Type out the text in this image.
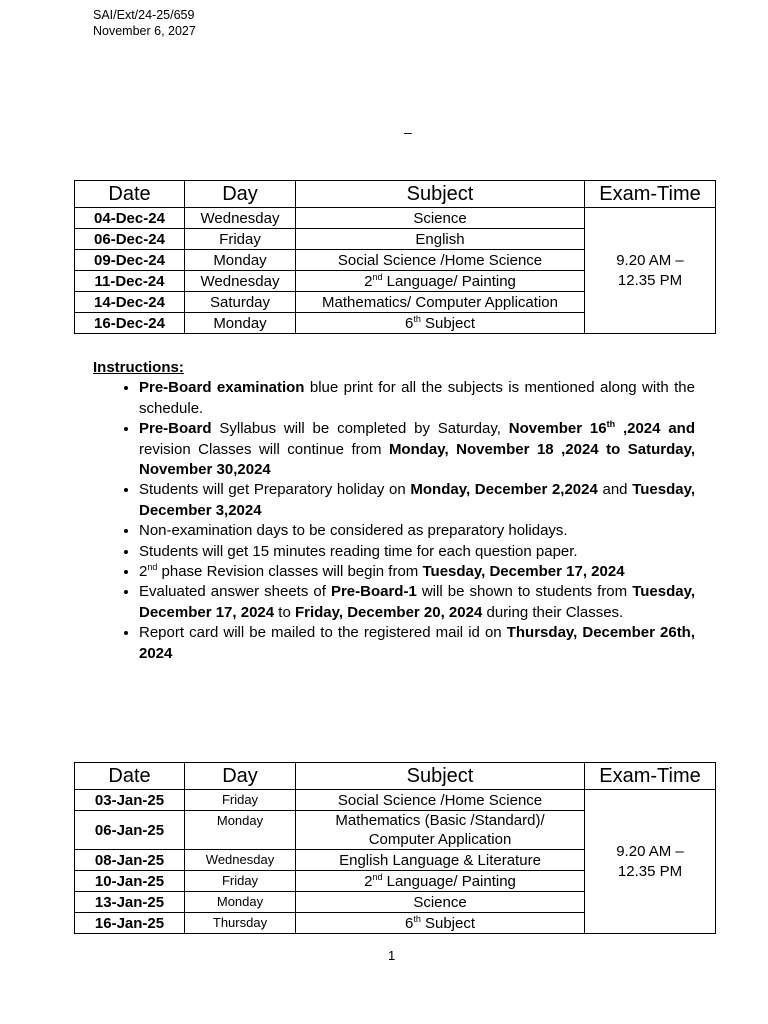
SAI/Ext/24-25/659
November 6, 2027
–
Date	Day	Subject	Exam-Time
04-Dec-24	Wednesday	Science	9.20 AM –
12.35 PM
06-Dec-24	Friday	English	
09-Dec-24	Monday	Social Science /Home Science	
11-Dec-24	Wednesday	2nd Language/ Painting	
14-Dec-24	Saturday	Mathematics/ Computer Application	
16-Dec-24	Monday	6th Subject	
Instructions:
• Pre-Board examination blue print for all the subjects is mentioned along with the schedule.
• Pre-Board Syllabus will be completed by Saturday, November 16th ,2024 and revision Classes will continue from Monday, November 18 ,2024 to Saturday, November 30,2024
• Students will get Preparatory holiday on Monday, December 2,2024 and Tuesday, December 3,2024
• Non-examination days to be considered as preparatory holidays.
• Students will get 15 minutes reading time for each question paper.
• 2nd phase Revision classes will begin from Tuesday, December 17, 2024
• Evaluated answer sheets of Pre-Board-1 will be shown to students from Tuesday, December 17, 2024 to Friday, December 20, 2024 during their Classes.
• Report card will be mailed to the registered mail id on Thursday, December 26th, 2024
Date	Day	Subject	Exam-Time
03-Jan-25	Friday	Social Science /Home Science	9.20 AM –
12.35 PM
06-Jan-25	Monday	Mathematics (Basic /Standard)/
Computer Application	
08-Jan-25	Wednesday	English Language & Literature	
10-Jan-25	Friday	2nd Language/ Painting	
13-Jan-25	Monday	Science	
16-Jan-25	Thursday	6th Subject	
1
